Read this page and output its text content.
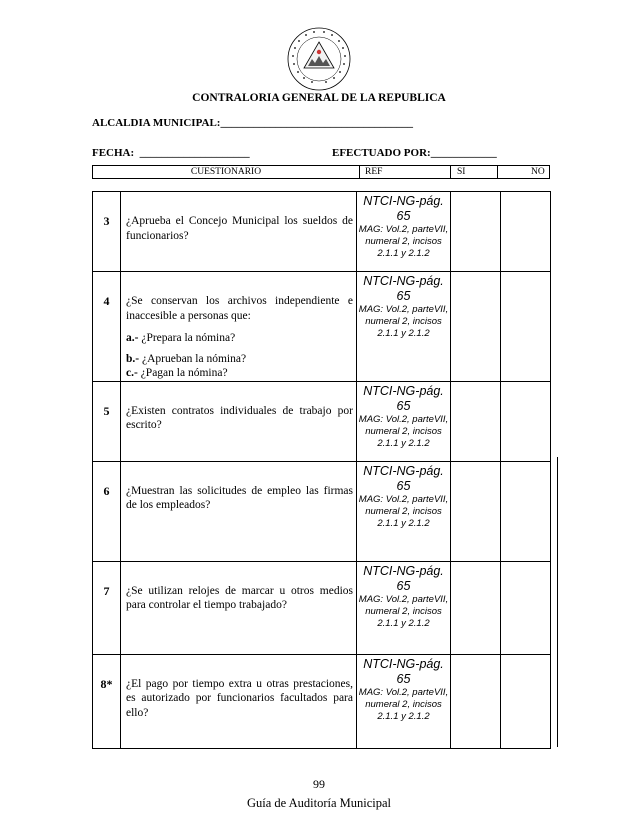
CONTRALORIA GENERAL DE LA REPUBLICA
ALCALDIA MUNICIPAL:___________________________________
FECHA:  ____________________	EFECTUADO POR:____________
CUESTIONARIO	REF	SI	NO
3	¿Aprueba el Concejo Municipal los sueldos de funcionarios?	NTCI-NG-pág. 65
MAG: Vol.2, parteVII, numeral 2, incisos 2.1.1 y 2.1.2		

4	¿Se conservan los archivos independiente e inaccesible a personas que:
a.- ¿Prepara la nómina?
b.- ¿Aprueban la nómina?
c.- ¿Pagan la nómina?	NTCI-NG-pág. 65
MAG: Vol.2, parteVII, numeral 2, incisos 2.1.1 y 2.1.2		

5	¿Existen contratos individuales de trabajo por escrito?	NTCI-NG-pág. 65
MAG: Vol.2, parteVII, numeral 2, incisos 2.1.1 y 2.1.2		

6	¿Muestran las solicitudes de empleo las firmas de los empleados?	NTCI-NG-pág. 65
MAG: Vol.2, parteVII, numeral 2, incisos 2.1.1 y 2.1.2		

7	¿Se utilizan relojes de marcar u otros medios para controlar el tiempo trabajado?	NTCI-NG-pág. 65
MAG: Vol.2, parteVII, numeral 2, incisos 2.1.1 y 2.1.2		

8*	¿El pago por tiempo extra u otras prestaciones, es autorizado por funcionarios facultados para ello?	NTCI-NG-pág. 65
MAG: Vol.2, parteVII, numeral 2, incisos 2.1.1 y 2.1.2		

99
Guía de Auditoría Municipal
